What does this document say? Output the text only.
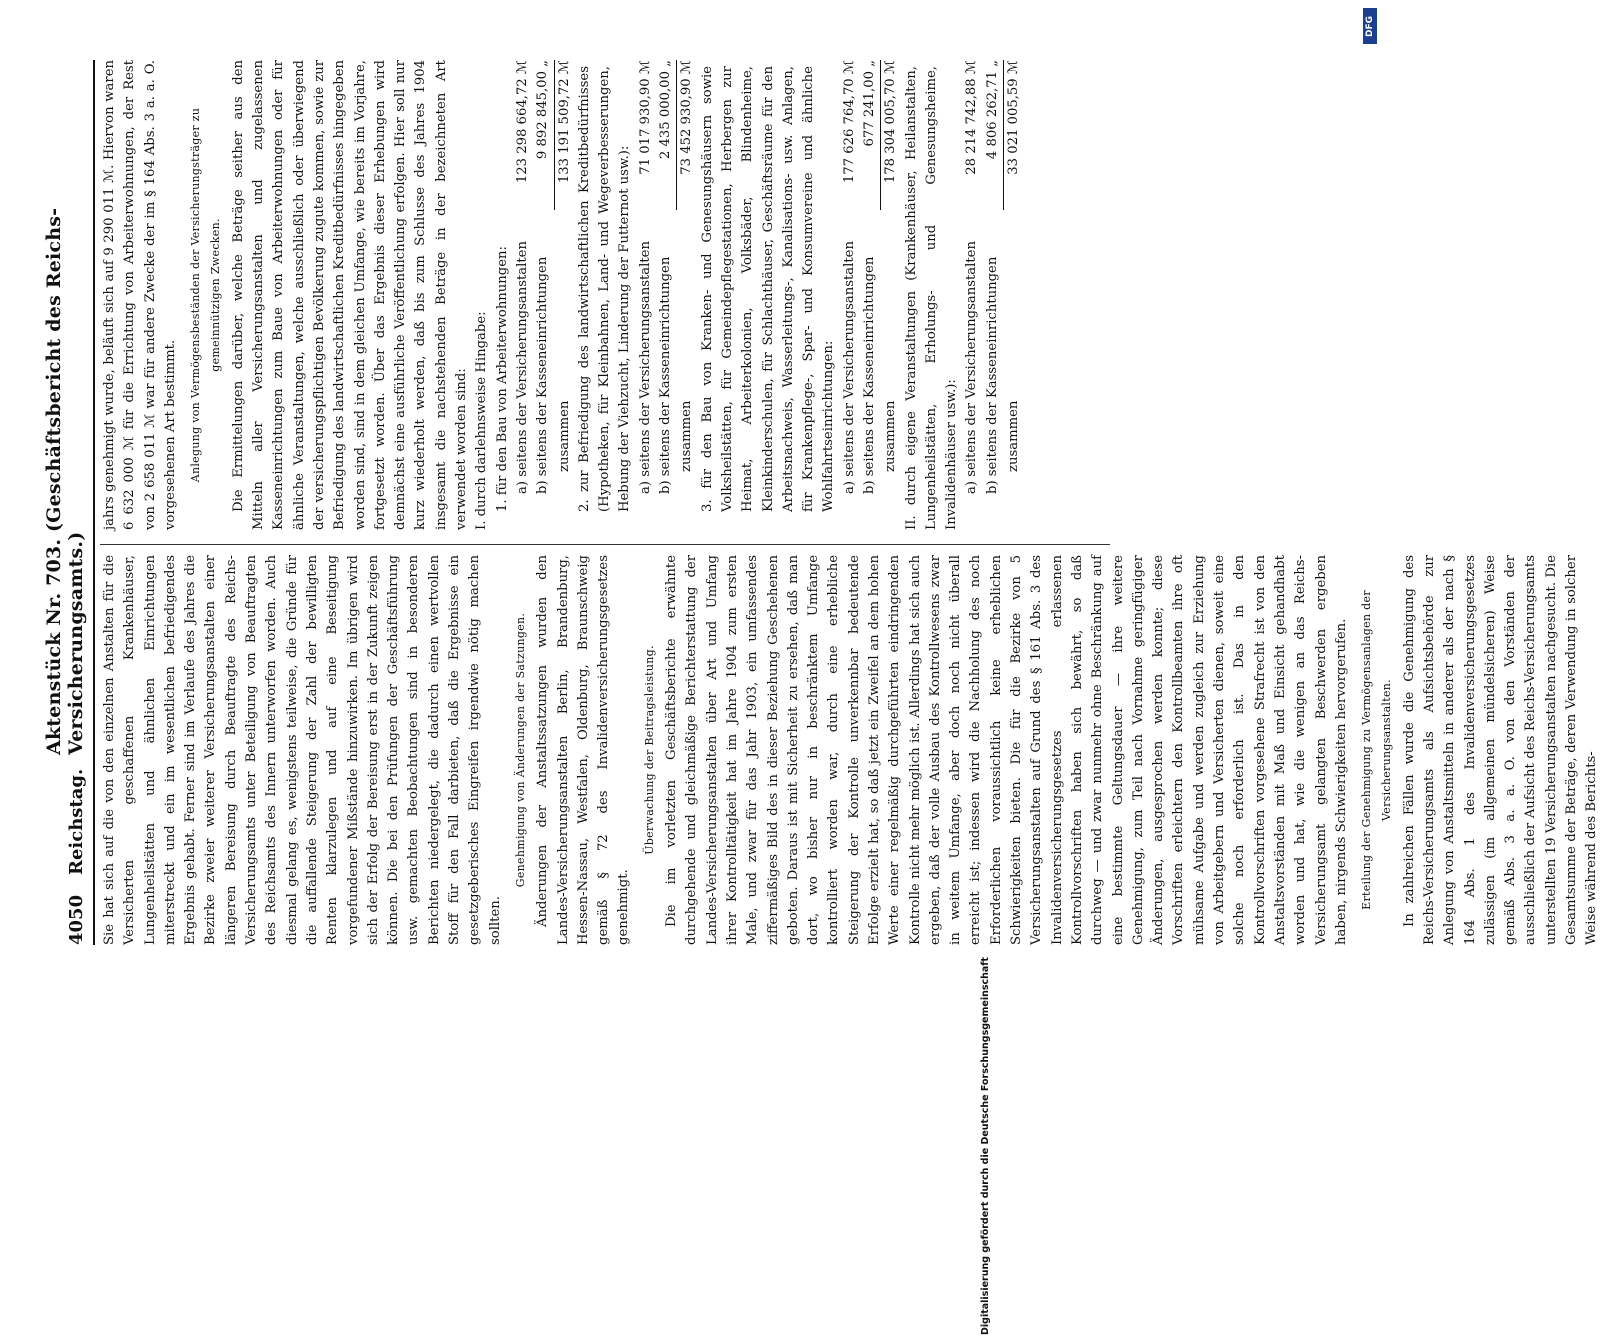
4050
Reichstag.
Aktenstück Nr. 703. (Geschäftsbericht des Reichs-Versicherungsamts.) Sie hat sich auf die von den einzelnen Anstalten für die Versicherten geschaffenen Krankenhäuser, Lungenheilstätten und ähnlichen Einrichtungen miterstreckt und ein im wesentlichen befriedigendes Ergebnis gehabt. Ferner sind im Verlaufe des Jahres die Bezirke zweier weiterer Versicherungsanstalten einer längeren Bereisung durch Beauftragte des Reichs-Versicherungsamts unter Beteiligung von Beauftragten des Reichsamts des Innern unterworfen worden. Auch diesmal gelang es, wenigstens teilweise, die Gründe für die auffallende Steigerung der Zahl der bewilligten Renten klarzulegen und auf eine Beseitigung vorgefundener Mißstände hinzuwirken. Im übrigen wird sich der Erfolg der Bereisung erst in der Zukunft zeigen können. Die bei den Prüfungen der Geschäftsführung usw. gemachten Beobachtungen sind in besonderen Berichten niedergelegt, die dadurch einen wertvollen Stoff für den Fall darbieten, daß die Ergebnisse ein gesetzgeberisches Eingreifen irgendwie nötig machen sollten.

Genehmigung von Änderungen der Satzungen. Änderungen der Anstaltssatzungen wurden den Landes-Versicherungsanstalten Berlin, Brandenburg, Hessen-Nassau, Westfalen, Oldenburg, Braunschweig gemäß § 72 des Invalidenversicherungsgesetzes genehmigt.

Überwachung der Beitragsleistung. Die im vorletzten Geschäftsberichte erwähnte durchgehende und gleichmäßige Berichterstattung der Landes-Versicherungsanstalten über Art und Umfang ihrer Kontrolltätigkeit hat im Jahre 1904 zum ersten Male, und zwar für das Jahr 1903, ein umfassendes ziffermäßiges Bild des in dieser Beziehung Geschehenen geboten. Daraus ist mit Sicherheit zu ersehen, daß man dort, wo bisher nur in beschränktem Umfange kontrolliert worden war, durch eine erhebliche Steigerung der Kontrolle unverkennbar bedeutende Erfolge erzielt hat, so daß jetzt ein Zweifel an dem hohen Werte einer regelmäßig durchgeführten eindringenden Kontrolle nicht mehr möglich ist. Allerdings hat sich auch ergeben, daß der volle Ausbau des Kontrollwesens zwar in weitem Umfange, aber doch noch nicht überall erreicht ist; indessen wird die Nachholung des noch Erforderlichen voraussichtlich keine erheblichen Schwierigkeiten bieten. Die für die Bezirke von 5 Versicherungsanstalten auf Grund des § 161 Abs. 3 des Invalidenversicherungsgesetzes erlassenen Kontrollvorschriften haben sich bewährt, so daß durchweg — und zwar nunmehr ohne Beschränkung auf eine bestimmte Geltungsdauer — ihre weitere Genehmigung, zum Teil nach Vornahme geringfügiger Änderungen, ausgesprochen werden konnte; diese Vorschriften erleichtern den Kontrollbeamten ihre oft mühsame Aufgabe und werden zugleich zur Erziehung von Arbeitgebern und Versicherten dienen, soweit eine solche noch erforderlich ist. Das in den Kontrollvorschriften vorgesehene Strafrecht ist von den Anstaltsvorständen mit Maß und Einsicht gehandhabt worden und hat, wie die wenigen an das Reichs-Versicherungsamt gelangten Beschwerden ergeben haben, nirgends Schwierigkeiten hervorgerufen. Erteilung der Genehmigung zu Vermögensanlagen der Versicherungsanstalten. In zahlreichen Fällen wurde die Genehmigung des Reichs-Versicherungsamts als Aufsichtsbehörde zur Anlegung von Anstaltsmitteln in anderer als der nach § 164 Abs. 1 des Invalidenversicherungsgesetzes zulässigen (im allgemeinen mündelsicheren) Weise gemäß Abs. 3 a. a. O. von den Vorständen der ausschließlich der Aufsicht des Reichs-Versicherungsamts unterstellten 19 Versicherungsanstalten nachgesucht. Die Gesamtsumme der Beträge, deren Verwendung in solcher Weise während des Berichts-

jahrs genehmigt wurde, beläuft sich auf 9 290 011 ℳ. Hiervon waren 6 632 000 ℳ für die Errichtung von Arbeiterwohnungen, der Rest von 2 658 011 ℳ war für andere Zwecke der im § 164 Abs. 3 a. a. O. vorgesehenen Art bestimmt. Anlegung von Vermögensbeständen der Versicherungsträger zu gemeinnützigen Zwecken. Die Ermittelungen darüber, welche Beträge seither aus den Mitteln aller Versicherungsanstalten und zugelassenen Kasseneinrichtungen zum Baue von Arbeiterwohnungen oder für ähnliche Veranstaltungen, welche ausschließlich oder überwiegend der versicherungspflichtigen Bevölkerung zugute kommen, sowie zur Befriedigung des landwirtschaftlichen Kreditbedürfnisses hingegeben worden sind, sind in dem gleichen Umfange, wie bereits im Vorjahre, fortgesetzt worden. Über das Ergebnis dieser Erhebungen wird demnächst eine ausführliche Veröffentlichung erfolgen. Hier soll nur kurz wiederholt werden, daß bis zum Schlusse des Jahres 1904 insgesamt die nachstehenden Beträge in der bezeichneten Art verwendet worden sind: I. durch darlehnsweise Hingabe: 1. für den Bau von Arbeiterwohnungen: a) seitens der Versicherungsanstalten
123 298 664,72 ℳ
b) seitens der Kasseneinrichtungen
9 892 845,00 „
zusammen
133 191 509,72 ℳ 2. zur Befriedigung des landwirtschaftlichen Kreditbedürfnisses (Hypotheken, für Kleinbahnen, Land- und Wegeverbesserungen, Hebung der Viehzucht, Linderung der Futternot usw.): a) seitens der Versicherungsanstalten
71 017 930,90 ℳ
b) seitens der Kasseneinrichtungen
2 435 000,00 „
zusammen
73 452 930,90 ℳ 3. für den Bau von Kranken- und Genesungshäusern sowie Volksheilstätten, für Gemeindepflegestationen, Herbergen zur Heimat, Arbeiterkolonien, Volksbäder, Blindenheime, Kleinkinderschulen, für Schlachthäuser, Geschäftsräume für den Arbeitsnachweis, Wasserleitungs-, Kanalisations- usw. Anlagen, für Krankenpflege-, Spar- und Konsumvereine und ähnliche Wohlfahrtseinrichtungen: a) seitens der Versicherungsanstalten
177 626 764,70 ℳ
b) seitens der Kasseneinrichtungen
677 241,00 „
zusammen
178 304 005,70 ℳ II. durch eigene Veranstaltungen (Krankenhäuser, Heilanstalten, Lungenheilstätten, Erholungs- und Genesungsheime, Invalidenhäuser usw.): a) seitens der Versicherungsanstalten
28 214 742,88 ℳ
b) seitens der Kasseneinrichtungen
4 806 262,71 „
zusammen
33 021 005,59 ℳ
Digitalisierung gefördert durch die Deutsche Forschungsgemeinschaft
DFG
